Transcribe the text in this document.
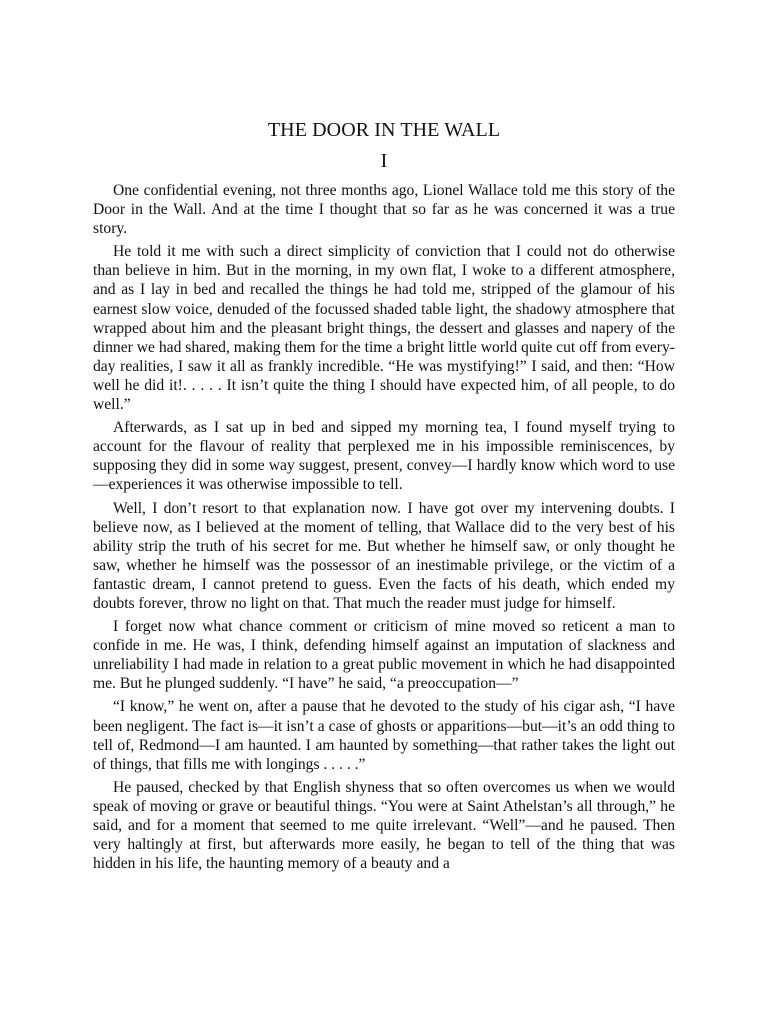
THE DOOR IN THE WALL
I

One confidential evening, not three months ago, Lionel Wallace told me this story of the Door in the Wall. And at the time I thought that so far as he was concerned it was a true story.

He told it me with such a direct simplicity of conviction that I could not do otherwise than believe in him. But in the morning, in my own flat, I woke to a different atmosphere, and as I lay in bed and recalled the things he had told me, stripped of the glamour of his earnest slow voice, denuded of the focussed shaded table light, the shadowy atmosphere that wrapped about him and the pleasant bright things, the dessert and glasses and napery of the dinner we had shared, making them for the time a bright little world quite cut off from every-day realities, I saw it all as frankly incredible. “He was mystifying!” I said, and then: “How well he did it!. . . . . It isn’t quite the thing I should have expected him, of all people, to do well.”

Afterwards, as I sat up in bed and sipped my morning tea, I found myself trying to account for the flavour of reality that perplexed me in his impossible reminiscences, by supposing they did in some way suggest, present, convey—I hardly know which word to use—experiences it was otherwise impossible to tell.

Well, I don’t resort to that explanation now. I have got over my intervening doubts. I believe now, as I believed at the moment of telling, that Wallace did to the very best of his ability strip the truth of his secret for me. But whether he himself saw, or only thought he saw, whether he himself was the possessor of an inestimable privilege, or the victim of a fantastic dream, I cannot pretend to guess. Even the facts of his death, which ended my doubts forever, throw no light on that. That much the reader must judge for himself.

I forget now what chance comment or criticism of mine moved so reticent a man to confide in me. He was, I think, defending himself against an imputation of slackness and unreliability I had made in relation to a great public movement in which he had disappointed me. But he plunged suddenly. “I have” he said, “a preoccupation—”

“I know,” he went on, after a pause that he devoted to the study of his cigar ash, “I have been negligent. The fact is—it isn’t a case of ghosts or apparitions—but—it’s an odd thing to tell of, Redmond—I am haunted. I am haunted by something—that rather takes the light out of things, that fills me with longings . . . . .”

He paused, checked by that English shyness that so often overcomes us when we would speak of moving or grave or beautiful things. “You were at Saint Athelstan’s all through,” he said, and for a moment that seemed to me quite irrelevant. “Well”—and he paused. Then very haltingly at first, but afterwards more easily, he began to tell of the thing that was hidden in his life, the haunting memory of a beauty and a
